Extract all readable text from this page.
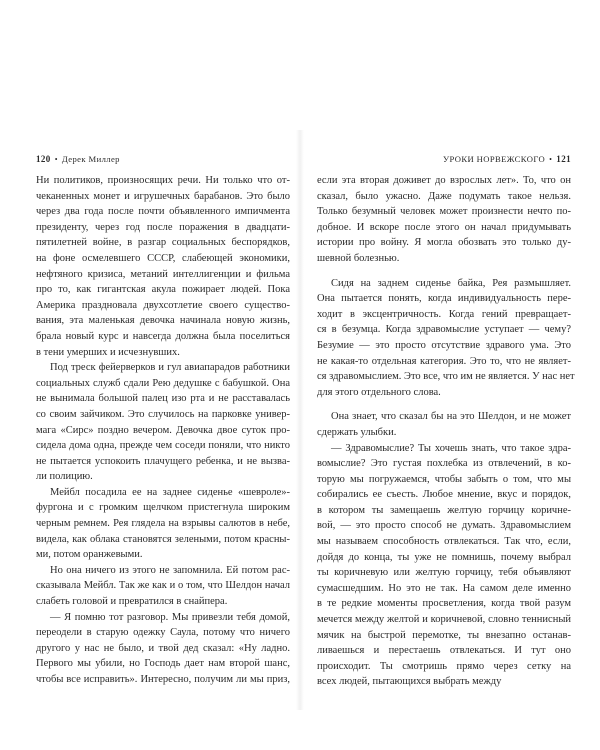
120 • Дерек Миллер
Ни политиков, произносящих речи. Ни только что от-
чеканенных монет и игрушечных барабанов. Это было
через два года после почти объявленного импичмента
президенту, через год после поражения в двадцати-
пятилетней войне, в разгар социальных беспорядков,
на фоне осмелевшего СССР, слабеющей экономики,
нефтяного кризиса, метаний интеллигенции и фильма
про то, как гигантская акула пожирает людей. Пока
Америка праздновала двухсотлетие своего существо-
вания, эта маленькая девочка начинала новую жизнь,
брала новый курс и навсегда должна была поселиться
в тени умерших и исчезнувших.
Под треск фейерверков и гул авиапарадов работники
социальных служб сдали Рею дедушке с бабушкой. Она
не вынимала большой палец изо рта и не расставалась
со своим зайчиком. Это случилось на парковке универ-
мага «Сирс» поздно вечером. Девочка двое суток про-
сидела дома одна, прежде чем соседи поняли, что никто
не пытается успокоить плачущего ребенка, и не вызва-
ли полицию.
Мейбл посадила ее на заднее сиденье «шевроле»-
фургона и с громким щелчком пристегнула широким
черным ремнем. Рея глядела на взрывы салютов в небе,
видела, как облака становятся зелеными, потом красны-
ми, потом оранжевыми.
Но она ничего из этого не запомнила. Ей потом рас-
сказывала Мейбл. Так же как и о том, что Шелдон начал
слабеть головой и превратился в снайпера.
— Я помню тот разговор. Мы привезли тебя домой,
переодели в старую одежку Саула, потому что ничего
другого у нас не было, и твой дед сказал: «Ну ладно.
Первого мы убили, но Господь дает нам второй шанс,
чтобы все исправить». Интересно, получим ли мы приз,
УРОКИ НОРВЕЖСКОГО • 121
если эта вторая доживет до взрослых лет». То, что он
сказал, было ужасно. Даже подумать такое нельзя.
Только безумный человек может произнести нечто по-
добное. И вскоре после этого он начал придумывать
истории про войну. Я могла обозвать это только ду-
шевной болезнью.
Сидя на заднем сиденье байка, Рея размышляет.
Она пытается понять, когда индивидуальность пере-
ходит в эксцентричность. Когда гений превращает-
ся в безумца. Когда здравомыслие уступает — чему?
Безумие — это просто отсутствие здравого ума. Это
не какая-то отдельная категория. Это то, что не являет-
ся здравомыслием. Это все, что им не является. У нас нет
для этого отдельного слова.
Она знает, что сказал бы на это Шелдон, и не может
сдержать улыбки.
— Здравомыслие? Ты хочешь знать, что такое здра-
вомыслие? Это густая похлебка из отвлечений, в ко-
торую мы погружаемся, чтобы забыть о том, что мы
собирались ее съесть. Любое мнение, вкус и порядок,
в котором ты замещаешь желтую горчицу коричне-
вой, — это просто способ не думать. Здравомыслием
мы называем способность отвлекаться. Так что, если,
дойдя до конца, ты уже не помнишь, почему выбрал
ты коричневую или желтую горчицу, тебя объявляют
сумасшедшим. Но это не так. На самом деле именно
в те редкие моменты просветления, когда твой разум
мечется между желтой и коричневой, словно теннисный
мячик на быстрой перемотке, ты внезапно останав-
ливаешься и перестаешь отвлекаться. И тут оно
происходит. Ты смотришь прямо через сетку на
всех людей, пытающихся выбрать между
